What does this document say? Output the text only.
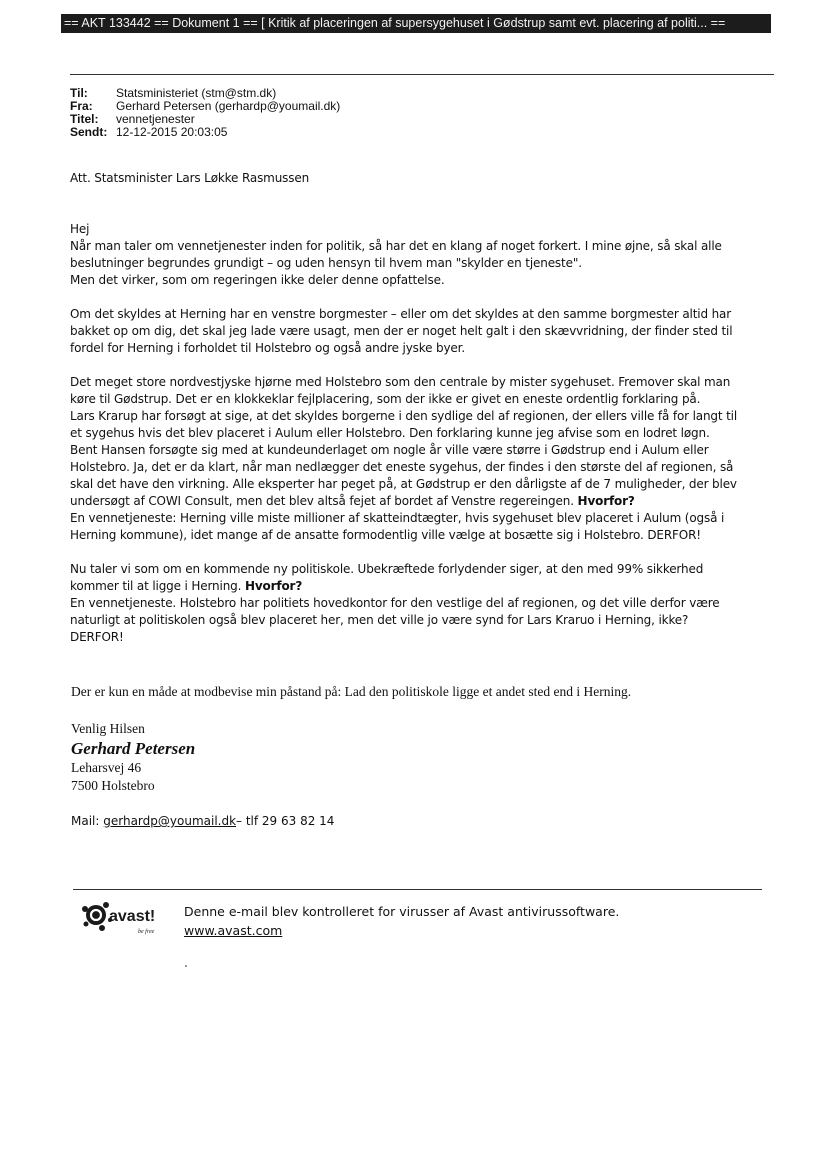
== AKT 133442 == Dokument 1 == [ Kritik af placeringen af supersygehuset i Gødstrup samt evt. placering af politi... ==
Til:	Statsministeriet (stm@stm.dk)
Fra:	Gerhard Petersen (gerhardp@youmail.dk)
Titel:	vennetjenester
Sendt: 12-12-2015 20:03:05

Att. Statsminister Lars Løkke Rasmussen

Hej

Når man taler om vennetjenester inden for politik, så har det en klang af noget forkert. I mine øjne, så skal alle

beslutninger begrundes grundigt – og uden hensyn til hvem man "skylder en tjeneste".

Men det virker, som om regeringen ikke deler denne opfattelse.

Om det skyldes at Herning har en venstre borgmester – eller om det skyldes at den samme borgmester altid har

bakket op om dig, det skal jeg lade være usagt, men der er noget helt galt i den skævvridning, der finder sted til

fordel for Herning i forholdet til Holstebro og også andre jyske byer.

Det meget store nordvestjyske hjørne med Holstebro som den centrale by mister sygehuset. Fremover skal man

køre til Gødstrup. Det er en klokkeklar fejlplacering, som der ikke er givet en eneste ordentlig forklaring på.

Lars Krarup har forsøgt at sige, at det skyldes borgerne i den sydlige del af regionen, der ellers ville få for langt til

et sygehus hvis det blev placeret i Aulum eller Holstebro. Den forklaring kunne jeg afvise som en lodret løgn.

Bent Hansen forsøgte sig med at kundeunderlaget om nogle år ville være større i Gødstrup end i Aulum eller

Holstebro. Ja, det er da klart, når man nedlægger det eneste sygehus, der findes i den største del af regionen, så

skal det have den virkning. Alle eksperter har peget på, at Gødstrup er den dårligste af de 7 muligheder, der blev

undersøgt af COWI Consult, men det blev altså fejet af bordet af Venstre regereingen. Hvorfor?

En vennetjeneste: Herning ville miste millioner af skatteindtægter, hvis sygehuset blev placeret i Aulum (også i

Herning kommune), idet mange af de ansatte formodentlig ville vælge at bosætte sig i Holstebro. DERFOR!

Nu taler vi som om en kommende ny politiskole. Ubekræftede forlydender siger, at den med 99% sikkerhed

kommer til at ligge i Herning. Hvorfor?

En vennetjeneste. Holstebro har politiets hovedkontor for den vestlige del af regionen, og det ville derfor være

naturligt at politiskolen også blev placeret her, men det ville jo være synd for Lars Kraruo i Herning, ikke?

DERFOR!

Der er kun en måde at modbevise min påstand på: Lad den politiskole ligge et andet sted end i Herning.
Venlig Hilsen
Gerhard Petersen
Leharsvej 46
7500 Holstebro
Mail: gerhardp@youmail.dk– tlf 29 63 82 14
avast!
be free
Denne e-mail blev kontrolleret for virusser af Avast antivirussoftware.
www.avast.com
